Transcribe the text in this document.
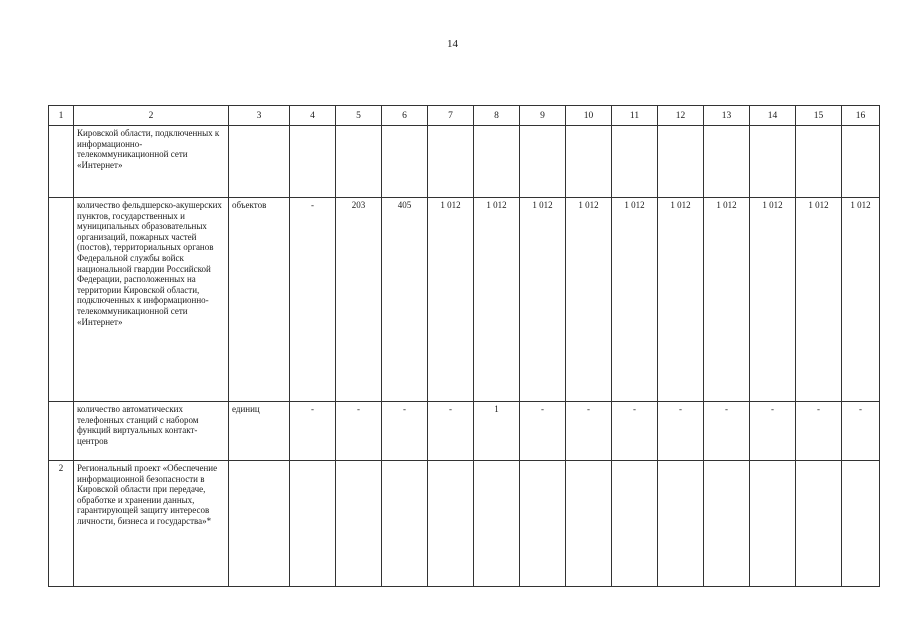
14
1	2	3	4	5	6	7	8	9	10	11	12	13	14	15	16
	Кировской области, подключенных к информационно-телекоммуникационной сети «Интернет»														
	количество фельдшерско-акушерских пунктов, государственных и муниципальных образовательных организаций, пожарных частей (постов), территориальных органов Федеральной службы войск национальной гвардии Российской Федерации, расположенных на территории Кировской области, подключенных к информационно-телекоммуникационной сети «Интернет»	объектов	-	203	405	1 012	1 012	1 012	1 012	1 012	1 012	1 012	1 012	1 012	1 012
	количество автоматических телефонных станций с набором функций виртуальных контакт-центров	единиц	-	-	-	-	1	-	-	-	-	-	-	-	-
2	Региональный проект «Обеспечение информационной безопасности в Кировской области при передаче, обработке и хранении данных, гарантирующей защиту интересов личности, бизнеса и государства»*														
